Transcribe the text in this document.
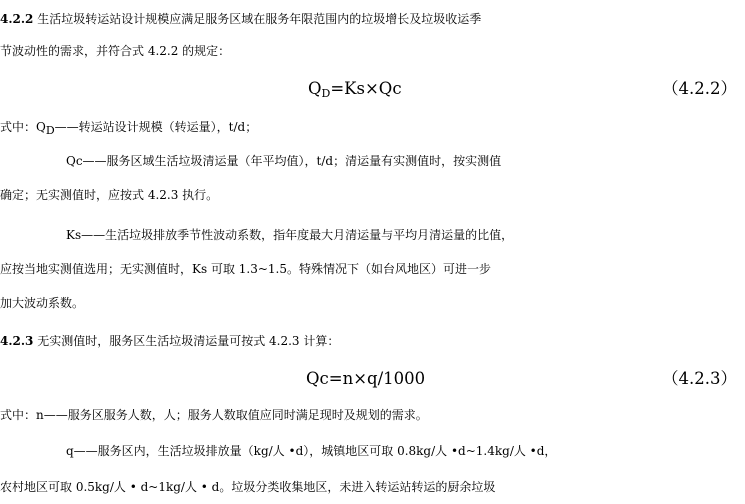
4.2.2 生活垃圾转运站设计规模应满足服务区域在服务年限范围内的垃圾增长及垃圾收运季
节波动性的需求，并符合式 4.2.2 的规定：
$Q_D=Ks\times Qc$	（4.2.2）
式中：$Q_D——$转运站设计规模（转运量），t/d；
Qc——服务区域生活垃圾清运量（年平均值），t/d；清运量有实测值时，按实测值
确定；无实测值时，应按式 4.2.3 执行。
Ks——生活垃圾排放季节性波动系数，指年度最大月清运量与平均月清运量的比值，
应按当地实测值选用；无实测值时，Ks 可取 1.3~1.5。特殊情况下（如台风地区）可进一步
加大波动系数。
4.2.3 无实测值时，服务区生活垃圾清运量可按式 4.2.3 计算：
Qc=n×q/1000	（4.2.3）
式中：n——服务区服务人数，人；服务人数取值应同时满足现时及规划的需求。
q——服务区内，生活垃圾排放量（kg/人 •d），城镇地区可取 0.8kg/人 •d~1.4kg/人 •d，
农村地区可取 0.5kg/人 • d~1kg/人 • d。垃圾分类收集地区，未进入转运站转运的厨余垃圾
